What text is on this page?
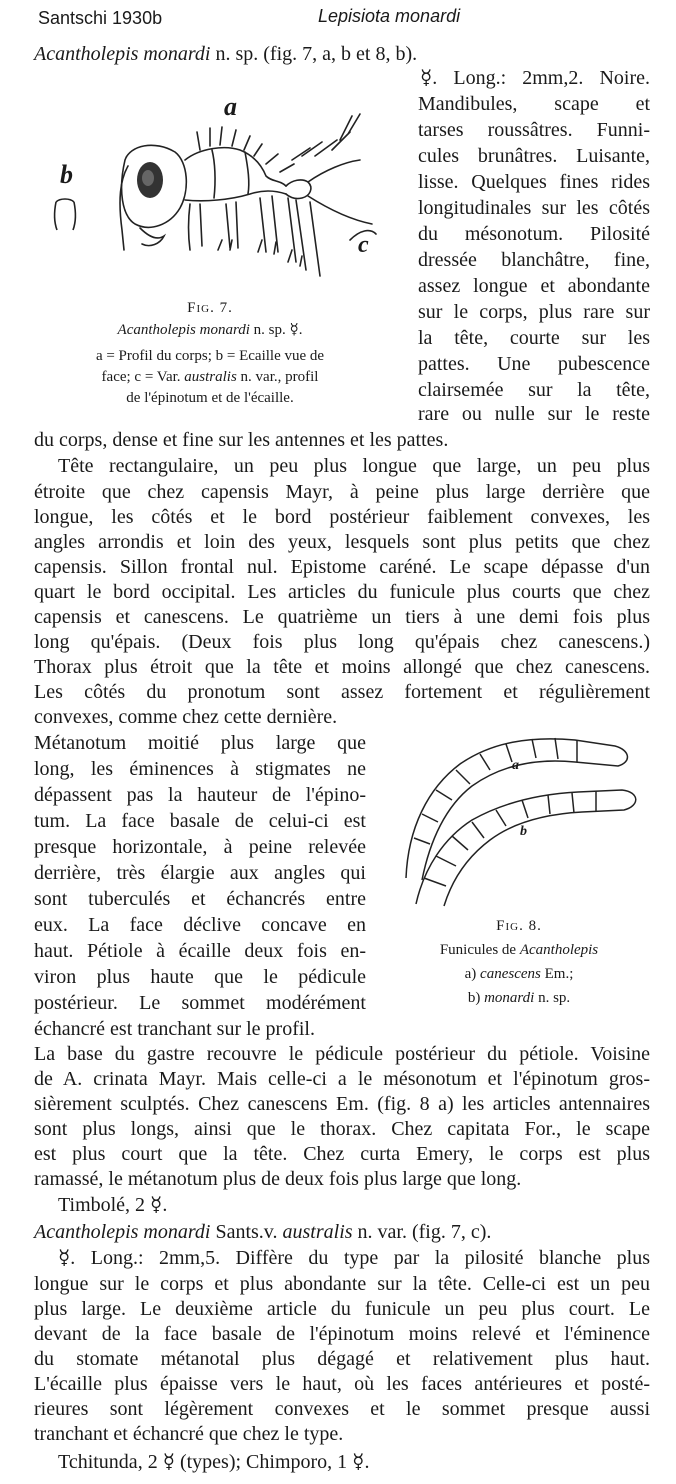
Santschi 1930b	Lepisiota monardi
Acantholepis monardi n. sp. (fig. 7, a, b et 8, b).
a
b
c
Fig. 7.
Acantholepis monardi n. sp. ☿.
a = Profil du corps; b = Ecaille vue de
face; c = Var. australis n. var., profil
de l'épinotum et de l'écaille.
☿. Long.: 2mm,2. Noire.
Mandibules, scape et
tarses roussâtres. Funni-
cules brunâtres. Luisante,
lisse. Quelques fines rides
longitudinales sur les côtés
du mésonotum. Pilosité
dressée blanchâtre, fine,
assez longue et abondante
sur le corps, plus rare sur
la tête, courte sur les
pattes. Une pubescence
clairsemée sur la tête,
rare ou nulle sur le reste
du corps, dense et fine sur les antennes et les pattes.
Tête rectangulaire, un peu plus longue que large, un peu plus
étroite que chez capensis Mayr, à peine plus large derrière que
longue, les côtés et le bord postérieur faiblement convexes, les
angles arrondis et loin des yeux, lesquels sont plus petits que chez
capensis. Sillon frontal nul. Epistome caréné. Le scape dépasse d'un
quart le bord occipital. Les articles du funicule plus courts que chez
capensis et canescens. Le quatrième un tiers à une demi fois plus
long qu'épais. (Deux fois plus long qu'épais chez canescens.)
Thorax plus étroit que la tête et moins allongé que chez canescens.
Les côtés du pronotum sont assez fortement et régulièrement
convexes, comme chez cette dernière.
Métanotum moitié plus large que
long, les éminences à stigmates ne
dépassent pas la hauteur de l'épino-
tum. La face basale de celui-ci est
presque horizontale, à peine relevée
derrière, très élargie aux angles qui
sont tuberculés et échancrés entre
eux. La face déclive concave en
haut. Pétiole à écaille deux fois en-
viron plus haute que le pédicule
postérieur. Le sommet modérément
échancré est tranchant sur le profil.
a
b
Fig. 8.
Funicules de Acantholepis
a) canescens Em.;
b) monardi n. sp.
La base du gastre recouvre le pédicule postérieur du pétiole. Voisine
de A. crinata Mayr. Mais celle-ci a le mésonotum et l'épinotum gros-
sièrement sculptés. Chez canescens Em. (fig. 8 a) les articles antennaires
sont plus longs, ainsi que le thorax. Chez capitata For., le scape
est plus court que la tête. Chez curta Emery, le corps est plus
ramassé, le métanotum plus de deux fois plus large que long.
Timbolé, 2 ☿.
Acantholepis monardi Sants.v. australis n. var. (fig. 7, c).
☿. Long.: 2mm,5. Diffère du type par la pilosité blanche plus
longue sur le corps et plus abondante sur la tête. Celle-ci est un peu
plus large. Le deuxième article du funicule un peu plus court. Le
devant de la face basale de l'épinotum moins relevé et l'éminence
du stomate métanotal plus dégagé et relativement plus haut.
L'écaille plus épaisse vers le haut, où les faces antérieures et posté-
rieures sont légèrement convexes et le sommet presque aussi
tranchant et échancré que chez le type.
Tchitunda, 2 ☿ (types); Chimporo, 1 ☿.
